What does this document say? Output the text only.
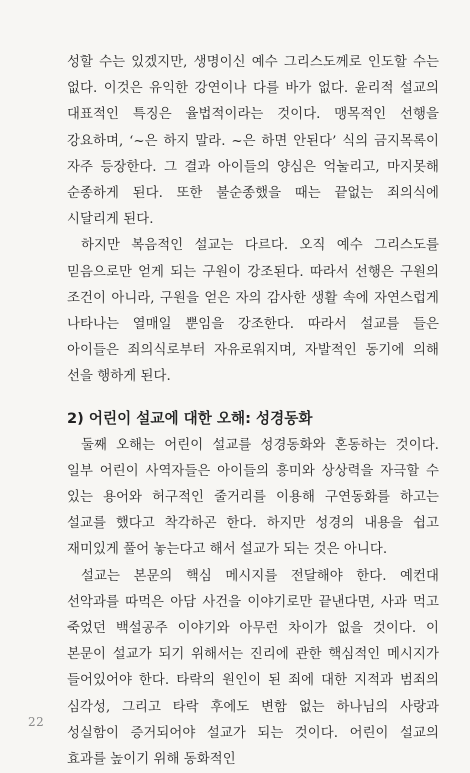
성할 수는 있겠지만, 생명이신 예수 그리스도께로 인도할 수는 없다. 이것은 유익한 강연이나 다를 바가 없다. 윤리적 설교의 대표적인 특징은 율법적이라는 것이다. 맹목적인 선행을 강요하며, ‘~은 하지 말라. ~은 하면 안된다’ 식의 금지목록이 자주 등장한다. 그 결과 아이들의 양심은 억눌리고, 마지못해 순종하게 된다. 또한 불순종했을 때는 끝없는 죄의식에 시달리게 된다.

하지만 복음적인 설교는 다르다. 오직 예수 그리스도를 믿음으로만 얻게 되는 구원이 강조된다. 따라서 선행은 구원의 조건이 아니라, 구원을 얻은 자의 감사한 생활 속에 자연스럽게 나타나는 열매일 뿐임을 강조한다. 따라서 설교를 들은 아이들은 죄의식로부터 자유로워지며, 자발적인 동기에 의해 선을 행하게 된다.

2) 어린이 설교에 대한 오해: 성경동화

둘째 오해는 어린이 설교를 성경동화와 혼동하는 것이다. 일부 어린이 사역자들은 아이들의 흥미와 상상력을 자극할 수 있는 용어와 허구적인 줄거리를 이용해 구연동화를 하고는 설교를 했다고 착각하곤 한다. 하지만 성경의 내용을 쉽고 재미있게 풀어 놓는다고 해서 설교가 되는 것은 아니다.

설교는 본문의 핵심 메시지를 전달해야 한다. 예컨대 선악과를 따먹은 아담 사건을 이야기로만 끝낸다면, 사과 먹고 죽었던 백설공주 이야기와 아무런 차이가 없을 것이다. 이 본문이 설교가 되기 위해서는 진리에 관한 핵심적인 메시지가 들어있어야 한다. 타락의 원인이 된 죄에 대한 지적과 범죄의 심각성, 그리고 타락 후에도 변함 없는 하나님의 사랑과 성실함이 증거되어야 설교가 되는 것이다. 어린이 설교의 효과를 높이기 위해 동화적인

22
